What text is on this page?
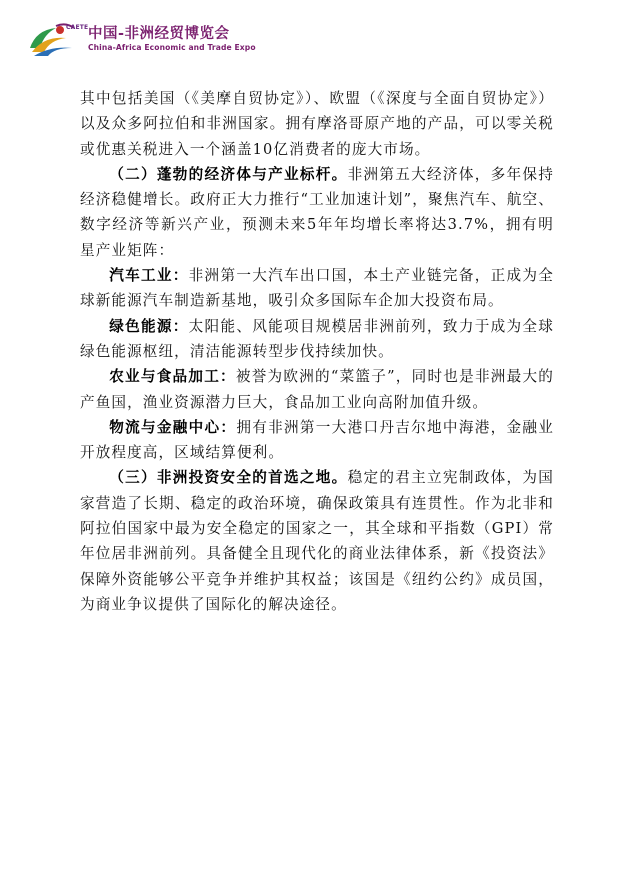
CAETE 中国-非洲经贸博览会
China-Africa Economic and Trade Expo

其中包括美国（《美摩自贸协定》）、欧盟（《深度与全面自贸协定》）以及众多阿拉伯和非洲国家。拥有摩洛哥原产地的产品，可以零关税或优惠关税进入一个涵盖10亿消费者的庞大市场。

（二）蓬勃的经济体与产业标杆。非洲第五大经济体，多年保持经济稳健增长。政府正大力推行“工业加速计划”，聚焦汽车、航空、数字经济等新兴产业，预测未来5年年均增长率将达3.7%，拥有明星产业矩阵：

汽车工业：非洲第一大汽车出口国，本土产业链完备，正成为全球新能源汽车制造新基地，吸引众多国际车企加大投资布局。

绿色能源：太阳能、风能项目规模居非洲前列，致力于成为全球绿色能源枢纽，清洁能源转型步伐持续加快。

农业与食品加工：被誉为欧洲的“菜篮子”，同时也是非洲最大的产鱼国，渔业资源潜力巨大，食品加工业向高附加值升级。

物流与金融中心：拥有非洲第一大港口丹吉尔地中海港，金融业开放程度高，区域结算便利。

（三）非洲投资安全的首选之地。稳定的君主立宪制政体，为国家营造了长期、稳定的政治环境，确保政策具有连贯性。作为北非和阿拉伯国家中最为安全稳定的国家之一，其全球和平指数（GPI）常年位居非洲前列。具备健全且现代化的商业法律体系，新《投资法》保障外资能够公平竞争并维护其权益；该国是《纽约公约》成员国，为商业争议提供了国际化的解决途径。
